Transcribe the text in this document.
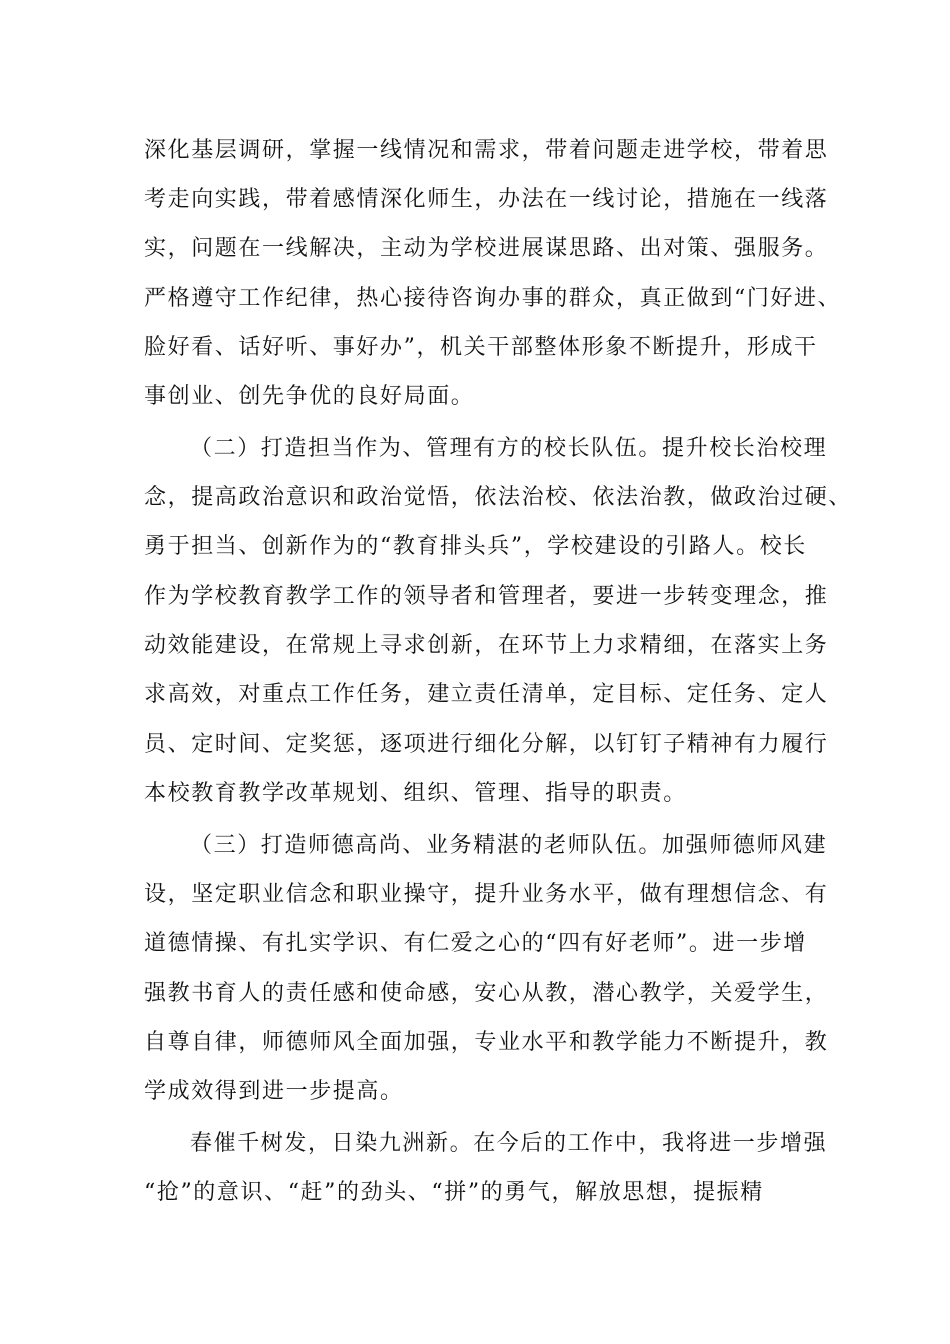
深化基层调研，掌握一线情况和需求，带着问题走进学校，带着思
考走向实践，带着感情深化师生，办法在一线讨论，措施在一线落
实，问题在一线解决，主动为学校进展谋思路、出对策、强服务。
严格遵守工作纪律，热心接待咨询办事的群众，真正做到“门好进、
脸好看、话好听、事好办”，机关干部整体形象不断提升，形成干
事创业、创先争优的良好局面。
（二）打造担当作为、管理有方的校长队伍。提升校长治校理
念，提高政治意识和政治觉悟，依法治校、依法治教，做政治过硬、
勇于担当、创新作为的“教育排头兵”，学校建设的引路人。校长
作为学校教育教学工作的领导者和管理者，要进一步转变理念，推
动效能建设，在常规上寻求创新，在环节上力求精细，在落实上务
求高效，对重点工作任务，建立责任清单，定目标、定任务、定人
员、定时间、定奖惩，逐项进行细化分解，以钉钉子精神有力履行
本校教育教学改革规划、组织、管理、指导的职责。
（三）打造师德高尚、业务精湛的老师队伍。加强师德师风建
设，坚定职业信念和职业操守，提升业务水平，做有理想信念、有
道德情操、有扎实学识、有仁爱之心的“四有好老师”。进一步增
强教书育人的责任感和使命感，安心从教，潜心教学，关爱学生，
自尊自律，师德师风全面加强，专业水平和教学能力不断提升，教
学成效得到进一步提高。
春催千树发，日染九洲新。在今后的工作中，我将进一步增强
“抢”的意识、“赶”的劲头、“拼”的勇气，解放思想，提振精
